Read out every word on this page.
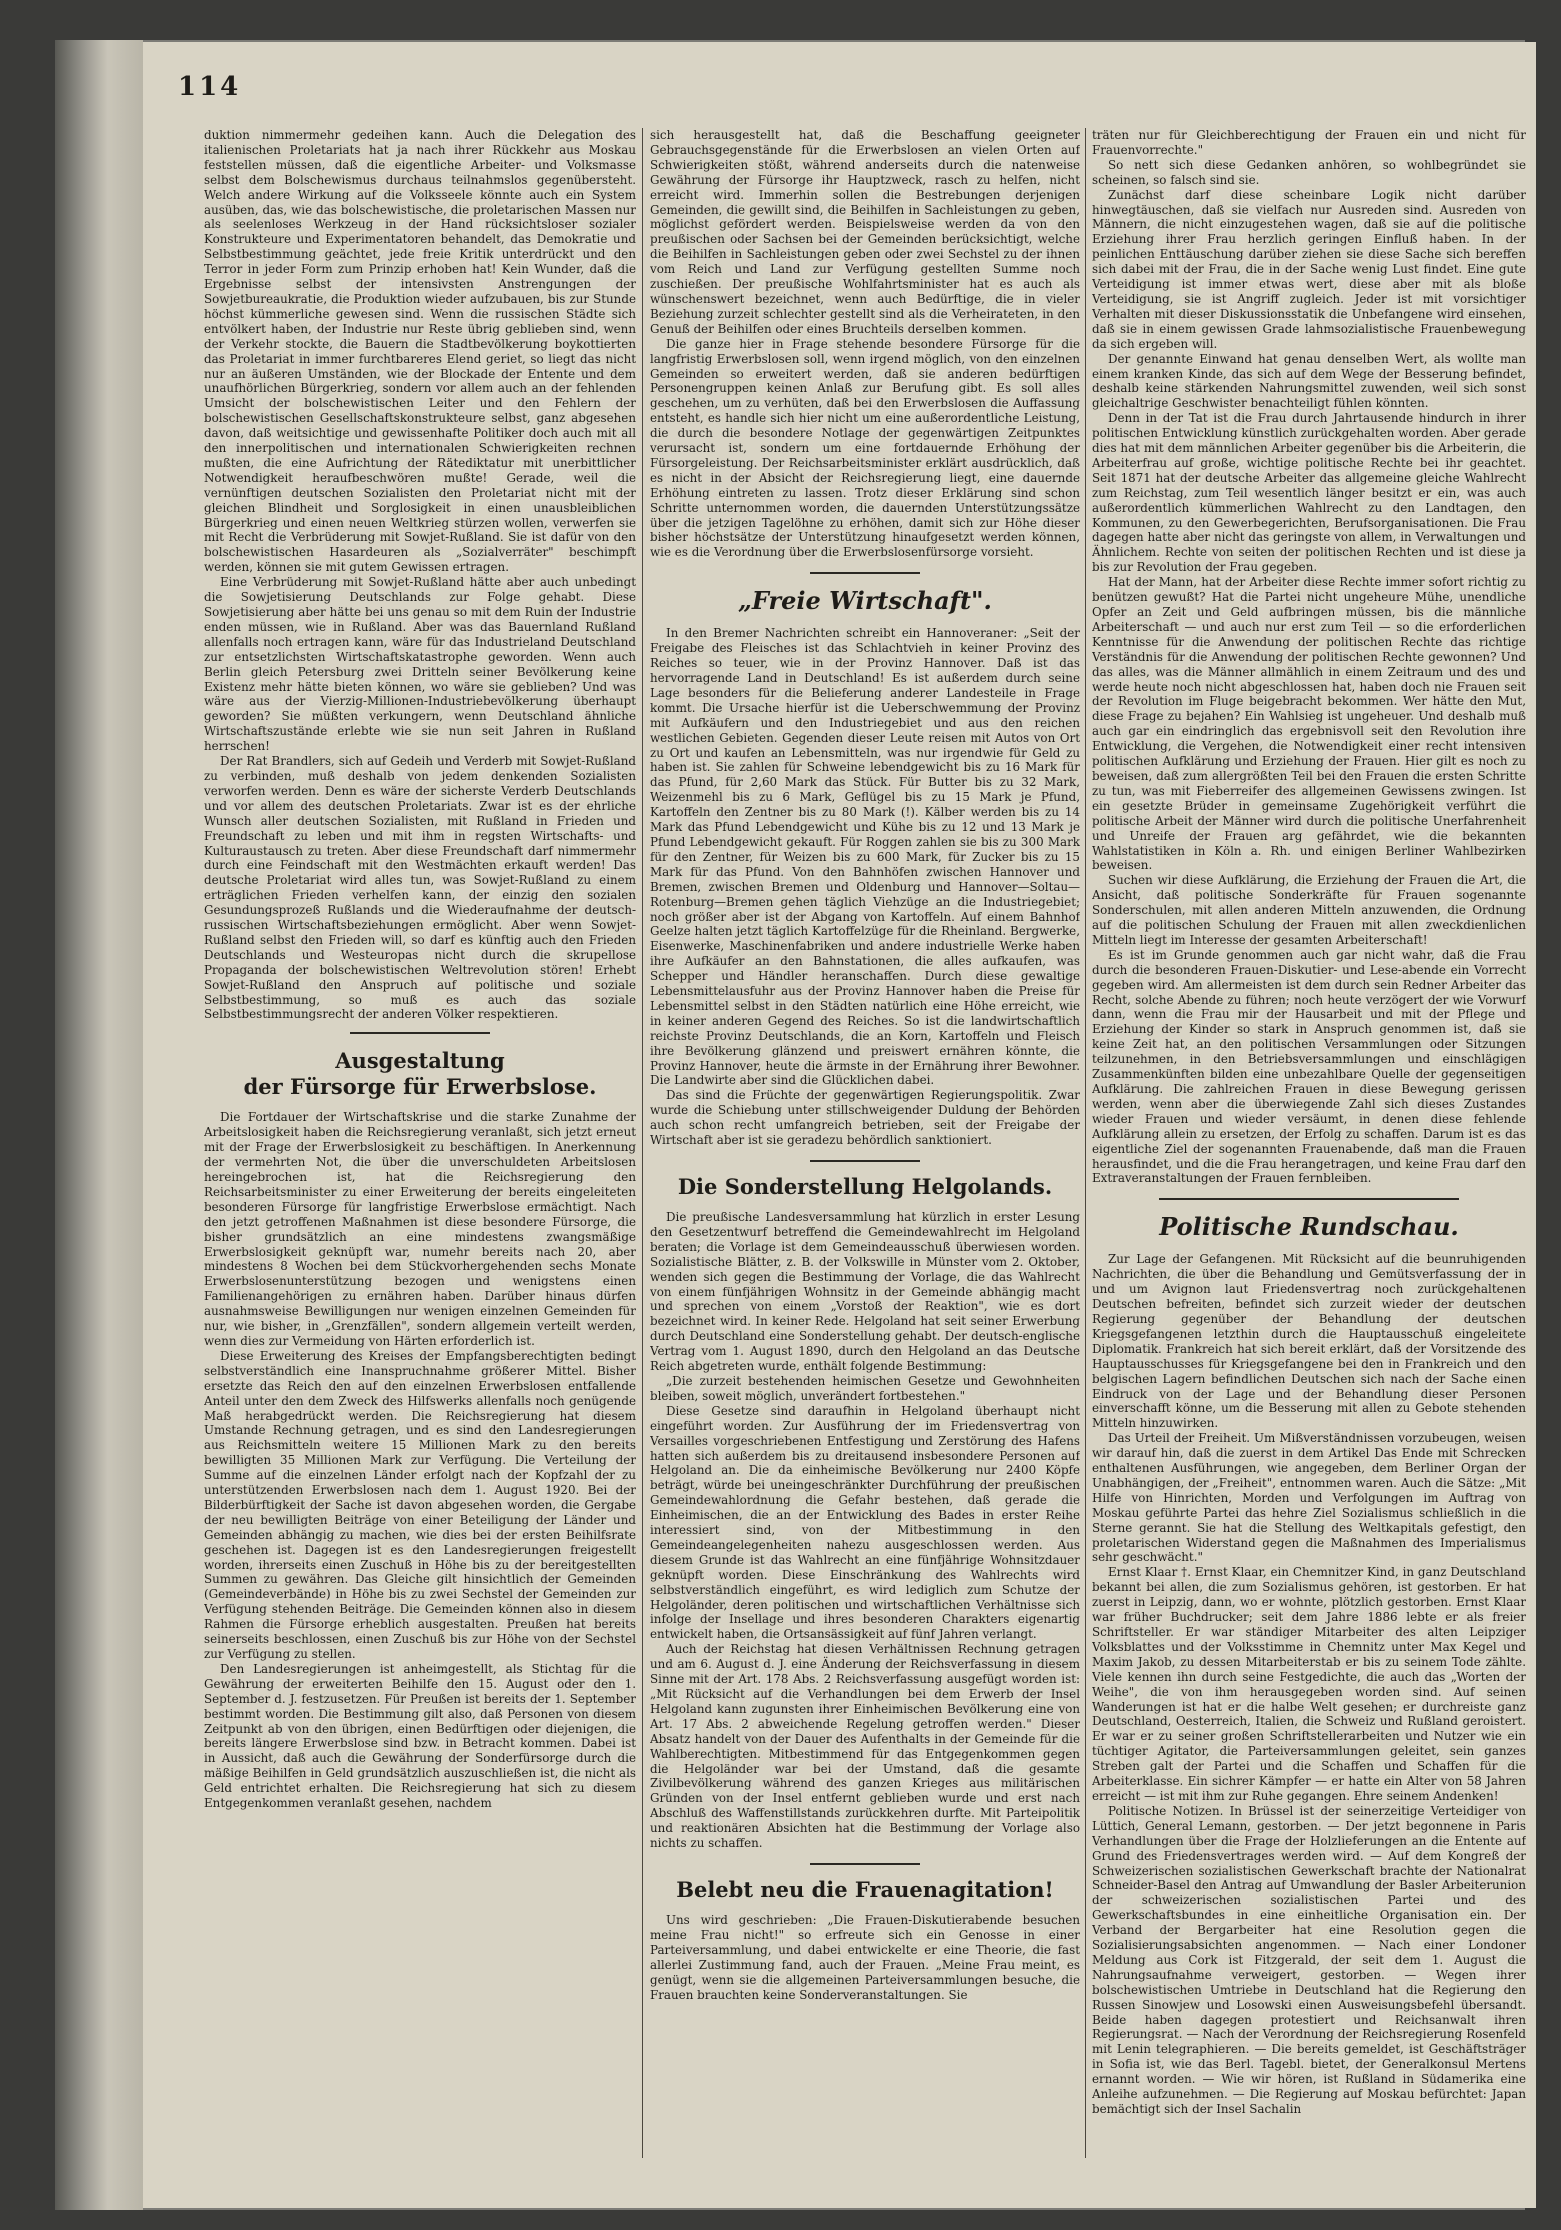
114

duktion nimmermehr gedeihen kann. Auch die Delegation des italienischen Proletariats hat ja nach ihrer Rückkehr aus Moskau feststellen müssen, daß die eigentliche Arbeiter- und Volksmasse selbst dem Bolschewismus durchaus teilnahmslos gegenübersteht. Welch andere Wirkung auf die Volksseele könnte auch ein System ausüben, das, wie das bolschewistische, die proletarischen Massen nur als seelenloses Werkzeug in der Hand rücksichtsloser sozialer Konstrukteure und Experimentatoren behandelt, das Demokratie und Selbstbestimmung geächtet, jede freie Kritik unterdrückt und den Terror in jeder Form zum Prinzip erhoben hat! Kein Wunder, daß die Ergebnisse selbst der intensivsten Anstrengungen der Sowjetbureaukratie, die Produktion wieder aufzubauen, bis zur Stunde höchst kümmerliche gewesen sind. Wenn die russischen Städte sich entvölkert haben, der Industrie nur Reste übrig geblieben sind, wenn der Verkehr stockte, die Bauern die Stadtbevölkerung boykottierten das Proletariat in immer furchtbareres Elend geriet, so liegt das nicht nur an äußeren Umständen, wie der Blockade der Entente und dem unaufhörlichen Bürgerkrieg, sondern vor allem auch an der fehlenden Umsicht der bolschewistischen Leiter und den Fehlern der bolschewistischen Gesellschaftskonstrukteure selbst, ganz abgesehen davon, daß weitsichtige und gewissenhafte Politiker doch auch mit all den innerpolitischen und internationalen Schwierigkeiten rechnen mußten, die eine Aufrichtung der Rätediktatur mit unerbittlicher Notwendigkeit heraufbeschwören mußte! Gerade, weil die vernünftigen deutschen Sozialisten den Proletariat nicht mit der gleichen Blindheit und Sorglosigkeit in einen unausbleiblichen Bürgerkrieg und einen neuen Weltkrieg stürzen wollen, verwerfen sie mit Recht die Verbrüderung mit Sowjet-Rußland. Sie ist dafür von den bolschewistischen Hasardeuren als „Sozialverräter" beschimpft werden, können sie mit gutem Gewissen ertragen.

Eine Verbrüderung mit Sowjet-Rußland hätte aber auch unbedingt die Sowjetisierung Deutschlands zur Folge gehabt. Diese Sowjetisierung aber hätte bei uns genau so mit dem Ruin der Industrie enden müssen, wie in Rußland. Aber was das Bauernland Rußland allenfalls noch ertragen kann, wäre für das Industrieland Deutschland zur entsetzlichsten Wirtschaftskatastrophe geworden. Wenn auch Berlin gleich Petersburg zwei Dritteln seiner Bevölkerung keine Existenz mehr hätte bieten können, wo wäre sie geblieben? Und was wäre aus der Vierzig-Millionen-Industriebevölkerung überhaupt geworden? Sie müßten verkungern, wenn Deutschland ähnliche Wirtschaftszustände erlebte wie sie nun seit Jahren in Rußland herrschen!

Der Rat Brandlers, sich auf Gedeih und Verderb mit Sowjet-Rußland zu verbinden, muß deshalb von jedem denkenden Sozialisten verworfen werden. Denn es wäre der sicherste Verderb Deutschlands und vor allem des deutschen Proletariats. Zwar ist es der ehrliche Wunsch aller deutschen Sozialisten, mit Rußland in Frieden und Freundschaft zu leben und mit ihm in regsten Wirtschafts- und Kulturaustausch zu treten. Aber diese Freundschaft darf nimmermehr durch eine Feindschaft mit den Westmächten erkauft werden! Das deutsche Proletariat wird alles tun, was Sowjet-Rußland zu einem erträglichen Frieden verhelfen kann, der einzig den sozialen Gesundungsprozeß Rußlands und die Wiederaufnahme der deutsch-russischen Wirtschaftsbeziehungen ermöglicht. Aber wenn Sowjet-Rußland selbst den Frieden will, so darf es künftig auch den Frieden Deutschlands und Westeuropas nicht durch die skrupellose Propaganda der bolschewistischen Weltrevolution stören! Erhebt Sowjet-Rußland den Anspruch auf politische und soziale Selbstbestimmung, so muß es auch das soziale Selbstbestimmungsrecht der anderen Völker respektieren.

Ausgestaltung

der Fürsorge für Erwerbslose.

Die Fortdauer der Wirtschaftskrise und die starke Zunahme der Arbeitslosigkeit haben die Reichsregierung veranlaßt, sich jetzt erneut mit der Frage der Erwerbslosigkeit zu beschäftigen. In Anerkennung der vermehrten Not, die über die unverschuldeten Arbeitslosen hereingebrochen ist, hat die Reichsregierung den Reichsarbeitsminister zu einer Erweiterung der bereits eingeleiteten besonderen Fürsorge für langfristige Erwerbslose ermächtigt. Nach den jetzt getroffenen Maßnahmen ist diese besondere Fürsorge, die bisher grundsätzlich an eine mindestens zwangsmäßige Erwerbslosigkeit geknüpft war, numehr bereits nach 20, aber mindestens 8 Wochen bei dem Stückvorhergehenden sechs Monate Erwerbslosenunterstützung bezogen und wenigstens einen Familienangehörigen zu ernähren haben. Darüber hinaus dürfen ausnahmsweise Bewilligungen nur wenigen einzelnen Gemeinden für nur, wie bisher, in „Grenzfällen", sondern allgemein verteilt werden, wenn dies zur Vermeidung von Härten erforderlich ist.

Diese Erweiterung des Kreises der Empfangsberechtigten bedingt selbstverständlich eine Inanspruchnahme größerer Mittel. Bisher ersetzte das Reich den auf den einzelnen Erwerbslosen entfallende Anteil unter den dem Zweck des Hilfswerks allenfalls noch genügende Maß herabgedrückt werden. Die Reichsregierung hat diesem Umstande Rechnung getragen, und es sind den Landesregierungen aus Reichsmitteln weitere 15 Millionen Mark zu den bereits bewilligten 35 Millionen Mark zur Verfügung. Die Verteilung der Summe auf die einzelnen Länder erfolgt nach der Kopfzahl der zu unterstützenden Erwerbslosen nach dem 1. August 1920. Bei der Bilderbürftigkeit der Sache ist davon abgesehen worden, die Gergabe der neu bewilligten Beiträge von einer Beteiligung der Länder und Gemeinden abhängig zu machen, wie dies bei der ersten Beihilfsrate geschehen ist. Dagegen ist es den Landesregierungen freigestellt worden, ihrerseits einen Zuschuß in Höhe bis zu der bereitgestellten Summen zu gewähren. Das Gleiche gilt hinsichtlich der Gemeinden (Gemeindeverbände) in Höhe bis zu zwei Sechstel der Gemeinden zur Verfügung stehenden Beiträge. Die Gemeinden können also in diesem Rahmen die Fürsorge erheblich ausgestalten. Preußen hat bereits seinerseits beschlossen, einen Zuschuß bis zur Höhe von der Sechstel zur Verfügung zu stellen.

Den Landesregierungen ist anheimgestellt, als Stichtag für die Gewährung der erweiterten Beihilfe den 15. August oder den 1. September d. J. festzusetzen. Für Preußen ist bereits der 1. September bestimmt worden. Die Bestimmung gilt also, daß Personen von diesem Zeitpunkt ab von den übrigen, einen Bedürftigen oder diejenigen, die bereits längere Erwerbslose sind bzw. in Betracht kommen. Dabei ist in Aussicht, daß auch die Gewährung der Sonderfürsorge durch die mäßige Beihilfen in Geld grundsätzlich auszuschließen ist, die nicht als Geld entrichtet erhalten. Die Reichsregierung hat sich zu diesem Entgegenkommen veranlaßt gesehen, nachdem

sich herausgestellt hat, daß die Beschaffung geeigneter Gebrauchsgegenstände für die Erwerbslosen an vielen Orten auf Schwierigkeiten stößt, während anderseits durch die natenweise Gewährung der Fürsorge ihr Hauptzweck, rasch zu helfen, nicht erreicht wird. Immerhin sollen die Bestrebungen derjenigen Gemeinden, die gewillt sind, die Beihilfen in Sachleistungen zu geben, möglichst gefördert werden. Beispielsweise werden da von den preußischen oder Sachsen bei der Gemeinden berücksichtigt, welche die Beihilfen in Sachleistungen geben oder zwei Sechstel zu der ihnen vom Reich und Land zur Verfügung gestellten Summe noch zuschießen. Der preußische Wohlfahrtsminister hat es auch als wünschenswert bezeichnet, wenn auch Bedürftige, die in vieler Beziehung zurzeit schlechter gestellt sind als die Verheirateten, in den Genuß der Beihilfen oder eines Bruchteils derselben kommen.

Die ganze hier in Frage stehende besondere Fürsorge für die langfristig Erwerbslosen soll, wenn irgend möglich, von den einzelnen Gemeinden so erweitert werden, daß sie anderen bedürftigen Personengruppen keinen Anlaß zur Berufung gibt. Es soll alles geschehen, um zu verhüten, daß bei den Erwerbslosen die Auffassung entsteht, es handle sich hier nicht um eine außerordentliche Leistung, die durch die besondere Notlage der gegenwärtigen Zeitpunktes verursacht ist, sondern um eine fortdauernde Erhöhung der Fürsorgeleistung. Der Reichsarbeitsminister erklärt ausdrücklich, daß es nicht in der Absicht der Reichsregierung liegt, eine dauernde Erhöhung eintreten zu lassen. Trotz dieser Erklärung sind schon Schritte unternommen worden, die dauernden Unterstützungssätze über die jetzigen Tagelöhne zu erhöhen, damit sich zur Höhe dieser bisher höchstsätze der Unterstützung hinaufgesetzt werden können, wie es die Verordnung über die Erwerbslosenfürsorge vorsieht.

„Freie Wirtschaft".

In den Bremer Nachrichten schreibt ein Hannoveraner: „Seit der Freigabe des Fleisches ist das Schlachtvieh in keiner Provinz des Reiches so teuer, wie in der Provinz Hannover. Daß ist das hervorragende Land in Deutschland! Es ist außerdem durch seine Lage besonders für die Belieferung anderer Landesteile in Frage kommt. Die Ursache hierfür ist die Ueberschwemmung der Provinz mit Aufkäufern und den Industriegebiet und aus den reichen westlichen Gebieten. Gegenden dieser Leute reisen mit Autos von Ort zu Ort und kaufen an Lebensmitteln, was nur irgendwie für Geld zu haben ist. Sie zahlen für Schweine lebendgewicht bis zu 16 Mark für das Pfund, für 2,60 Mark das Stück. Für Butter bis zu 32 Mark, Weizenmehl bis zu 6 Mark, Geflügel bis zu 15 Mark je Pfund, Kartoffeln den Zentner bis zu 80 Mark (!). Kälber werden bis zu 14 Mark das Pfund Lebendgewicht und Kühe bis zu 12 und 13 Mark je Pfund Lebendgewicht gekauft. Für Roggen zahlen sie bis zu 300 Mark für den Zentner, für Weizen bis zu 600 Mark, für Zucker bis zu 15 Mark für das Pfund. Von den Bahnhöfen zwischen Hannover und Bremen, zwischen Bremen und Oldenburg und Hannover—Soltau—Rotenburg—Bremen gehen täglich Viehzüge an die Industriegebiet; noch größer aber ist der Abgang von Kartoffeln. Auf einem Bahnhof Geelze halten jetzt täglich Kartoffelzüge für die Rheinland. Bergwerke, Eisenwerke, Maschinenfabriken und andere industrielle Werke haben ihre Aufkäufer an den Bahnstationen, die alles aufkaufen, was Schepper und Händler heranschaffen. Durch diese gewaltige Lebensmittelausfuhr aus der Provinz Hannover haben die Preise für Lebensmittel selbst in den Städten natürlich eine Höhe erreicht, wie in keiner anderen Gegend des Reiches. So ist die landwirtschaftlich reichste Provinz Deutschlands, die an Korn, Kartoffeln und Fleisch ihre Bevölkerung glänzend und preiswert ernähren könnte, die Provinz Hannover, heute die ärmste in der Ernährung ihrer Bewohner. Die Landwirte aber sind die Glücklichen dabei.

Das sind die Früchte der gegenwärtigen Regierungspolitik. Zwar wurde die Schiebung unter stillschweigender Duldung der Behörden auch schon recht umfangreich betrieben, seit der Freigabe der Wirtschaft aber ist sie geradezu behördlich sanktioniert.

Die Sonderstellung Helgolands.

Die preußische Landesversammlung hat kürzlich in erster Lesung den Gesetzentwurf betreffend die Gemeindewahlrecht im Helgoland beraten; die Vorlage ist dem Gemeindeausschuß überwiesen worden. Sozialistische Blätter, z. B. der Volkswille in Münster vom 2. Oktober, wenden sich gegen die Bestimmung der Vorlage, die das Wahlrecht von einem fünfjährigen Wohnsitz in der Gemeinde abhängig macht und sprechen von einem „Vorstoß der Reaktion", wie es dort bezeichnet wird. In keiner Rede. Helgoland hat seit seiner Erwerbung durch Deutschland eine Sonderstellung gehabt. Der deutsch-englische Vertrag vom 1. August 1890, durch den Helgoland an das Deutsche Reich abgetreten wurde, enthält folgende Bestimmung:

„Die zurzeit bestehenden heimischen Gesetze und Gewohnheiten bleiben, soweit möglich, unverändert fortbestehen."

Diese Gesetze sind daraufhin in Helgoland überhaupt nicht eingeführt worden. Zur Ausführung der im Friedensvertrag von Versailles vorgeschriebenen Entfestigung und Zerstörung des Hafens hatten sich außerdem bis zu dreitausend insbesondere Personen auf Helgoland an. Die da einheimische Bevölkerung nur 2400 Köpfe beträgt, würde bei uneingeschränkter Durchführung der preußischen Gemeindewahlordnung die Gefahr bestehen, daß gerade die Einheimischen, die an der Entwicklung des Bades in erster Reihe interessiert sind, von der Mitbestimmung in den Gemeindeangelegenheiten nahezu ausgeschlossen werden. Aus diesem Grunde ist das Wahlrecht an eine fünfjährige Wohnsitzdauer geknüpft worden. Diese Einschränkung des Wahlrechts wird selbstverständlich eingeführt, es wird lediglich zum Schutze der Helgoländer, deren politischen und wirtschaftlichen Verhältnisse sich infolge der Insellage und ihres besonderen Charakters eigenartig entwickelt haben, die Ortsansässigkeit auf fünf Jahren verlangt.

Auch der Reichstag hat diesen Verhältnissen Rechnung getragen und am 6. August d. J. eine Änderung der Reichsverfassung in diesem Sinne mit der Art. 178 Abs. 2 Reichsverfassung ausgefügt worden ist: „Mit Rücksicht auf die Verhandlungen bei dem Erwerb der Insel Helgoland kann zugunsten ihrer Einheimischen Bevölkerung eine von Art. 17 Abs. 2 abweichende Regelung getroffen werden." Dieser Absatz handelt von der Dauer des Aufenthalts in der Gemeinde für die Wahlberechtigten. Mitbestimmend für das Entgegenkommen gegen die Helgoländer war bei der Umstand, daß die gesamte Zivilbevölkerung während des ganzen Krieges aus militärischen Gründen von der Insel entfernt geblieben wurde und erst nach Abschluß des Waffenstillstands zurückkehren durfte. Mit Parteipolitik und reaktionären Absichten hat die Bestimmung der Vorlage also nichts zu schaffen.

Belebt neu die Frauenagitation!

Uns wird geschrieben: „Die Frauen-Diskutierabende besuchen meine Frau nicht!" so erfreute sich ein Genosse in einer Parteiversammlung, und dabei entwickelte er eine Theorie, die fast allerlei Zustimmung fand, auch der Frauen. „Meine Frau meint, es genügt, wenn sie die allgemeinen Parteiversammlungen besuche, die Frauen brauchten keine Sonderveranstaltungen. Sie

träten nur für Gleichberechtigung der Frauen ein und nicht für Frauenvorrechte."

So nett sich diese Gedanken anhören, so wohlbegründet sie scheinen, so falsch sind sie.

Zunächst darf diese scheinbare Logik nicht darüber hinwegtäuschen, daß sie vielfach nur Ausreden sind. Ausreden von Männern, die nicht einzugestehen wagen, daß sie auf die politische Erziehung ihrer Frau herzlich geringen Einfluß haben. In der peinlichen Enttäuschung darüber ziehen sie diese Sache sich bereffen sich dabei mit der Frau, die in der Sache wenig Lust findet. Eine gute Verteidigung ist immer etwas wert, diese aber mit als bloße Verteidigung, sie ist Angriff zugleich. Jeder ist mit vorsichtiger Verhalten mit dieser Diskussionsstatik die Unbefangene wird einsehen, daß sie in einem gewissen Grade lahmsozialistische Frauenbewegung da sich ergeben will.

Der genannte Einwand hat genau denselben Wert, als wollte man einem kranken Kinde, das sich auf dem Wege der Besserung befindet, deshalb keine stärkenden Nahrungsmittel zuwenden, weil sich sonst gleichaltrige Geschwister benachteiligt fühlen könnten.

Denn in der Tat ist die Frau durch Jahrtausende hindurch in ihrer politischen Entwicklung künstlich zurückgehalten worden. Aber gerade dies hat mit dem männlichen Arbeiter gegenüber bis die Arbeiterin, die Arbeiterfrau auf große, wichtige politische Rechte bei ihr geachtet. Seit 1871 hat der deutsche Arbeiter das allgemeine gleiche Wahlrecht zum Reichstag, zum Teil wesentlich länger besitzt er ein, was auch außerordentlich kümmerlichen Wahlrecht zu den Landtagen, den Kommunen, zu den Gewerbegerichten, Berufsorganisationen. Die Frau dagegen hatte aber nicht das geringste von allem, in Verwaltungen und Ähnlichem. Rechte von seiten der politischen Rechten und ist diese ja bis zur Revolution der Frau gegeben.

Hat der Mann, hat der Arbeiter diese Rechte immer sofort richtig zu benützen gewußt? Hat die Partei nicht ungeheure Mühe, unendliche Opfer an Zeit und Geld aufbringen müssen, bis die männliche Arbeiterschaft — und auch nur erst zum Teil — so die erforderlichen Kenntnisse für die Anwendung der politischen Rechte das richtige Verständnis für die Anwendung der politischen Rechte gewonnen? Und das alles, was die Männer allmählich in einem Zeitraum und des und werde heute noch nicht abgeschlossen hat, haben doch nie Frauen seit der Revolution im Fluge beigebracht bekommen. Wer hätte den Mut, diese Frage zu bejahen? Ein Wahlsieg ist ungeheuer. Und deshalb muß auch gar ein eindringlich das ergebnisvoll seit den Revolution ihre Entwicklung, die Vergehen, die Notwendigkeit einer recht intensiven politischen Aufklärung und Erziehung der Frauen. Hier gilt es noch zu beweisen, daß zum allergrößten Teil bei den Frauen die ersten Schritte zu tun, was mit Fieberreifer des allgemeinen Gewissens zwingen. Ist ein gesetzte Brüder in gemeinsame Zugehörigkeit verführt die politische Arbeit der Männer wird durch die politische Unerfahrenheit und Unreife der Frauen arg gefährdet, wie die bekannten Wahlstatistiken in Köln a. Rh. und einigen Berliner Wahlbezirken beweisen.

Suchen wir diese Aufklärung, die Erziehung der Frauen die Art, die Ansicht, daß politische Sonderkräfte für Frauen sogenannte Sonderschulen, mit allen anderen Mitteln anzuwenden, die Ordnung auf die politischen Schulung der Frauen mit allen zweckdienlichen Mitteln liegt im Interesse der gesamten Arbeiterschaft!

Es ist im Grunde genommen auch gar nicht wahr, daß die Frau durch die besonderen Frauen-Diskutier- und Lese-abende ein Vorrecht gegeben wird. Am allermeisten ist dem durch sein Redner Arbeiter das Recht, solche Abende zu führen; noch heute verzögert der wie Vorwurf dann, wenn die Frau mir der Hausarbeit und mit der Pflege und Erziehung der Kinder so stark in Anspruch genommen ist, daß sie keine Zeit hat, an den politischen Versammlungen oder Sitzungen teilzunehmen, in den Betriebsversammlungen und einschlägigen Zusammenkünften bilden eine unbezahlbare Quelle der gegenseitigen Aufklärung. Die zahlreichen Frauen in diese Bewegung gerissen werden, wenn aber die überwiegende Zahl sich dieses Zustandes wieder Frauen und wieder versäumt, in denen diese fehlende Aufklärung allein zu ersetzen, der Erfolg zu schaffen. Darum ist es das eigentliche Ziel der sogenannten Frauenabende, daß man die Frauen herausfindet, und die die Frau herangetragen, und keine Frau darf den Extraveranstaltungen der Frauen fernbleiben.

Politische Rundschau.

Zur Lage der Gefangenen. Mit Rücksicht auf die beunruhigenden Nachrichten, die über die Behandlung und Gemütsverfassung der in und um Avignon laut Friedensvertrag noch zurückgehaltenen Deutschen befreiten, befindet sich zurzeit wieder der deutschen Regierung gegenüber der Behandlung der deutschen Kriegsgefangenen letzthin durch die Hauptausschuß eingeleitete Diplomatik. Frankreich hat sich bereit erklärt, daß der Vorsitzende des Hauptausschusses für Kriegsgefangene bei den in Frankreich und den belgischen Lagern befindlichen Deutschen sich nach der Sache einen Eindruck von der Lage und der Behandlung dieser Personen einverschafft könne, um die Besserung mit allen zu Gebote stehenden Mitteln hinzuwirken.

Das Urteil der Freiheit. Um Mißverständnissen vorzubeugen, weisen wir darauf hin, daß die zuerst in dem Artikel Das Ende mit Schrecken enthaltenen Ausführungen, wie angegeben, dem Berliner Organ der Unabhängigen, der „Freiheit", entnommen waren. Auch die Sätze: „Mit Hilfe von Hinrichten, Morden und Verfolgungen im Auftrag von Moskau geführte Partei das hehre Ziel Sozialismus schließlich in die Sterne gerannt. Sie hat die Stellung des Weltkapitals gefestigt, den proletarischen Widerstand gegen die Maßnahmen des Imperialismus sehr geschwächt."

Ernst Klaar †. Ernst Klaar, ein Chemnitzer Kind, in ganz Deutschland bekannt bei allen, die zum Sozialismus gehören, ist gestorben. Er hat zuerst in Leipzig, dann, wo er wohnte, plötzlich gestorben. Ernst Klaar war früher Buchdrucker; seit dem Jahre 1886 lebte er als freier Schriftsteller. Er war ständiger Mitarbeiter des alten Leipziger Volksblattes und der Volksstimme in Chemnitz unter Max Kegel und Maxim Jakob, zu dessen Mitarbeiterstab er bis zu seinem Tode zählte. Viele kennen ihn durch seine Festgedichte, die auch das „Worten der Weihe", die von ihm herausgegeben worden sind. Auf seinen Wanderungen ist hat er die halbe Welt gesehen; er durchreiste ganz Deutschland, Oesterreich, Italien, die Schweiz und Rußland geroistert. Er war er zu seiner großen Schriftstellerarbeiten und Nutzer wie ein tüchtiger Agitator, die Parteiversammlungen geleitet, sein ganzes Streben galt der Partei und die Schaffen und Schaffen für die Arbeiterklasse. Ein sichrer Kämpfer — er hatte ein Alter von 58 Jahren erreicht — ist mit ihm zur Ruhe gegangen. Ehre seinem Andenken!

Politische Notizen. In Brüssel ist der seinerzeitige Verteidiger von Lüttich, General Lemann, gestorben. — Der jetzt begonnene in Paris Verhandlungen über die Frage der Holzlieferungen an die Entente auf Grund des Friedensvertrages werden wird. — Auf dem Kongreß der Schweizerischen sozialistischen Gewerkschaft brachte der Nationalrat Schneider-Basel den Antrag auf Umwandlung der Basler Arbeiterunion der schweizerischen sozialistischen Partei und des Gewerkschaftsbundes in eine einheitliche Organisation ein. Der Verband der Bergarbeiter hat eine Resolution gegen die Sozialisierungsabsichten angenommen. — Nach einer Londoner Meldung aus Cork ist Fitzgerald, der seit dem 1. August die Nahrungsaufnahme verweigert, gestorben. — Wegen ihrer bolschewistischen Umtriebe in Deutschland hat die Regierung den Russen Sinowjew und Losowski einen Ausweisungsbefehl übersandt. Beide haben dagegen protestiert und Reichsanwalt ihren Regierungsrat. — Nach der Verordnung der Reichsregierung Rosenfeld mit Lenin telegraphieren. — Die bereits gemeldet, ist Geschäftsträger in Sofia ist, wie das Berl. Tagebl. bietet, der Generalkonsul Mertens ernannt worden. — Wie wir hören, ist Rußland in Südamerika eine Anleihe aufzunehmen. — Die Regierung auf Moskau befürchtet: Japan bemächtigt sich der Insel Sachalin
